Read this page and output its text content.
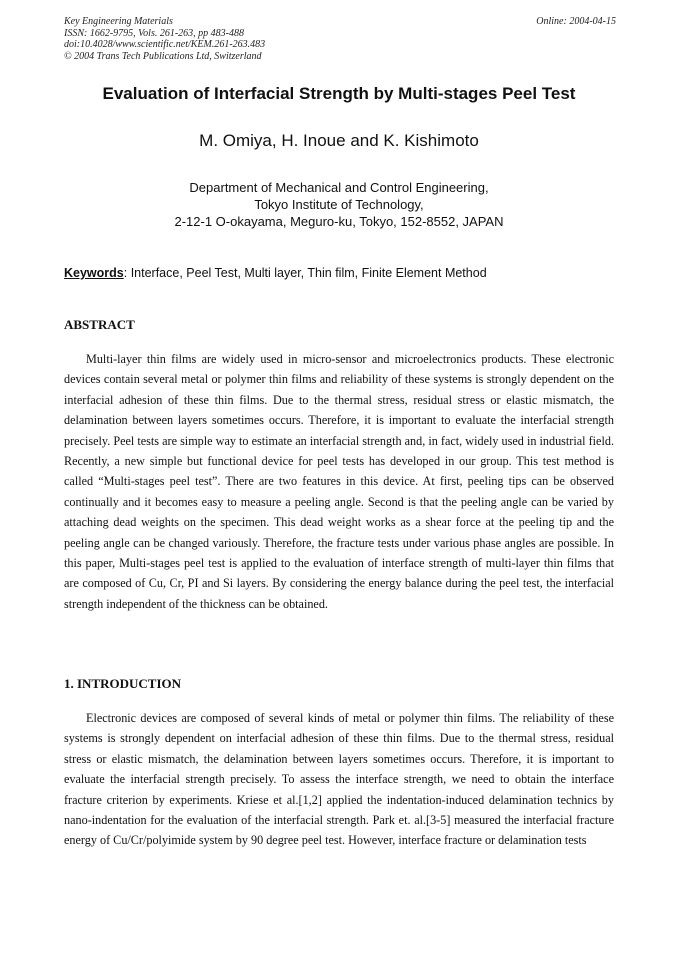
Key Engineering Materials
ISSN: 1662-9795, Vols. 261-263, pp 483-488
doi:10.4028/www.scientific.net/KEM.261-263.483
© 2004 Trans Tech Publications Ltd, Switzerland
Online: 2004-04-15
Evaluation of Interfacial Strength by Multi-stages Peel Test
M. Omiya, H. Inoue and K. Kishimoto
Department of Mechanical and Control Engineering,
Tokyo Institute of Technology,
2-12-1 O-okayama, Meguro-ku, Tokyo, 152-8552, JAPAN
Keywords: Interface, Peel Test, Multi layer, Thin film, Finite Element Method
ABSTRACT
Multi-layer thin films are widely used in micro-sensor and microelectronics products. These electronic devices contain several metal or polymer thin films and reliability of these systems is strongly dependent on the interfacial adhesion of these thin films. Due to the thermal stress, residual stress or elastic mismatch, the delamination between layers sometimes occurs. Therefore, it is important to evaluate the interfacial strength precisely. Peel tests are simple way to estimate an interfacial strength and, in fact, widely used in industrial field. Recently, a new simple but functional device for peel tests has developed in our group. This test method is called “Multi-stages peel test”. There are two features in this device. At first, peeling tips can be observed continually and it becomes easy to measure a peeling angle. Second is that the peeling angle can be varied by attaching dead weights on the specimen. This dead weight works as a shear force at the peeling tip and the peeling angle can be changed variously. Therefore, the fracture tests under various phase angles are possible. In this paper, Multi-stages peel test is applied to the evaluation of interface strength of multi-layer thin films that are composed of Cu, Cr, PI and Si layers. By considering the energy balance during the peel test, the interfacial strength independent of the thickness can be obtained.
1. INTRODUCTION
Electronic devices are composed of several kinds of metal or polymer thin films. The reliability of these systems is strongly dependent on interfacial adhesion of these thin films. Due to the thermal stress, residual stress or elastic mismatch, the delamination between layers sometimes occurs. Therefore, it is important to evaluate the interfacial strength precisely. To assess the interface strength, we need to obtain the interface fracture criterion by experiments. Kriese et al.[1,2] applied the indentation-induced delamination technics by nano-indentation for the evaluation of the interfacial strength. Park et. al.[3-5] measured the interfacial fracture energy of Cu/Cr/polyimide system by 90 degree peel test. However, interface fracture or delamination tests
